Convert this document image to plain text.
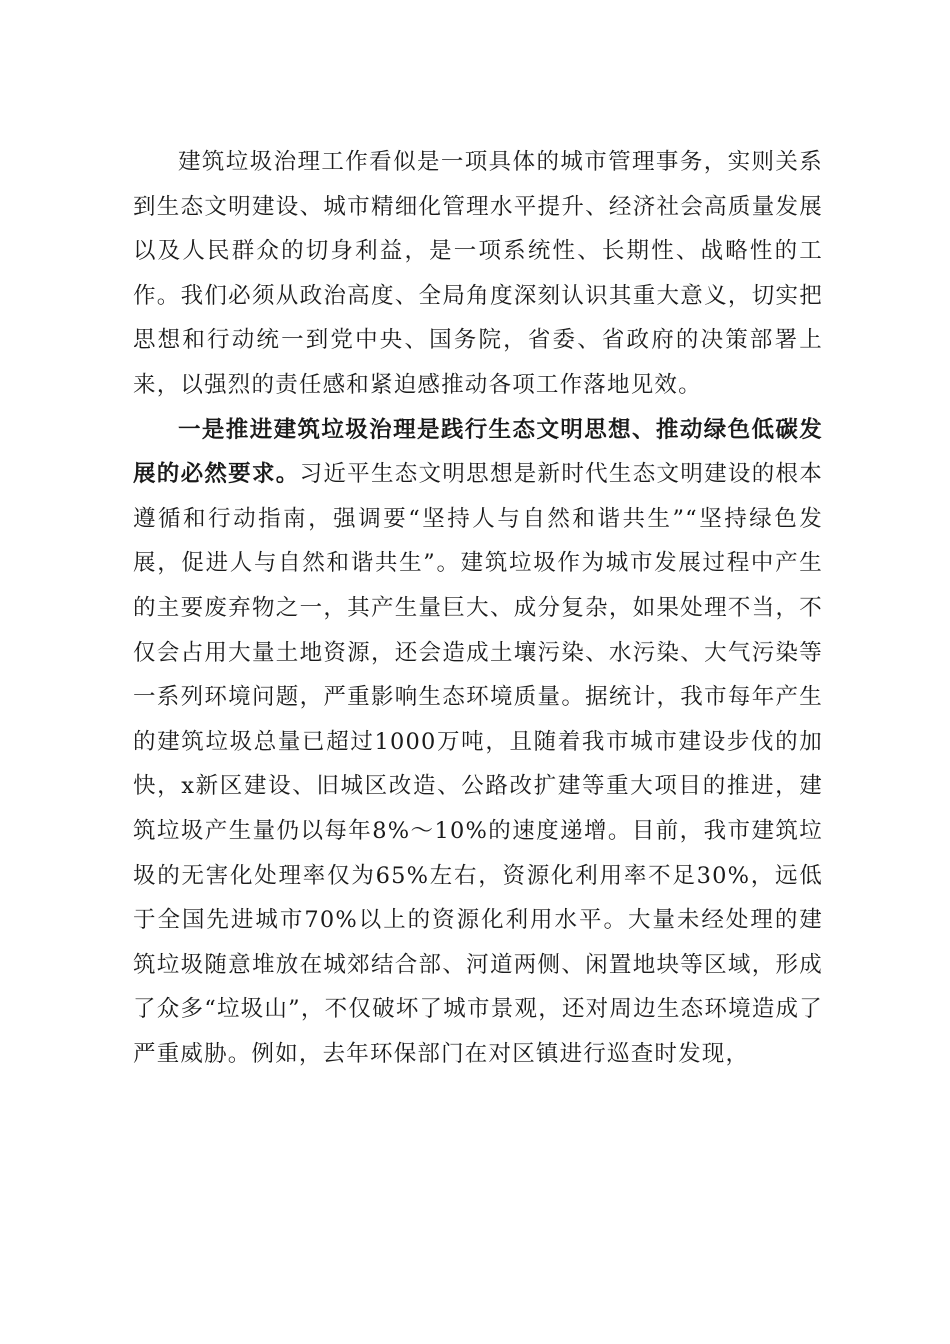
建筑垃圾治理工作看似是一项具体的城市管理事务，实则关系到生态文明建设、城市精细化管理水平提升、经济社会高质量发展以及人民群众的切身利益，是一项系统性、长期性、战略性的工作。我们必须从政治高度、全局角度深刻认识其重大意义，切实把思想和行动统一到党中央、国务院，省委、省政府的决策部署上来，以强烈的责任感和紧迫感推动各项工作落地见效。

一是推进建筑垃圾治理是践行生态文明思想、推动绿色低碳发展的必然要求。习近平生态文明思想是新时代生态文明建设的根本遵循和行动指南，强调要“坚持人与自然和谐共生”“坚持绿色发展，促进人与自然和谐共生”。建筑垃圾作为城市发展过程中产生的主要废弃物之一，其产生量巨大、成分复杂，如果处理不当，不仅会占用大量土地资源，还会造成土壤污染、水污染、大气污染等一系列环境问题，严重影响生态环境质量。据统计，我市每年产生的建筑垃圾总量已超过1000万吨，且随着我市城市建设步伐的加快，x新区建设、旧城区改造、公路改扩建等重大项目的推进，建筑垃圾产生量仍以每年8%～10%的速度递增。目前，我市建筑垃圾的无害化处理率仅为65%左右，资源化利用率不足30%，远低于全国先进城市70%以上的资源化利用水平。大量未经处理的建筑垃圾随意堆放在城郊结合部、河道两侧、闲置地块等区域，形成了众多“垃圾山”，不仅破坏了城市景观，还对周边生态环境造成了严重威胁。例如，去年环保部门在对区镇进行巡查时发现，
